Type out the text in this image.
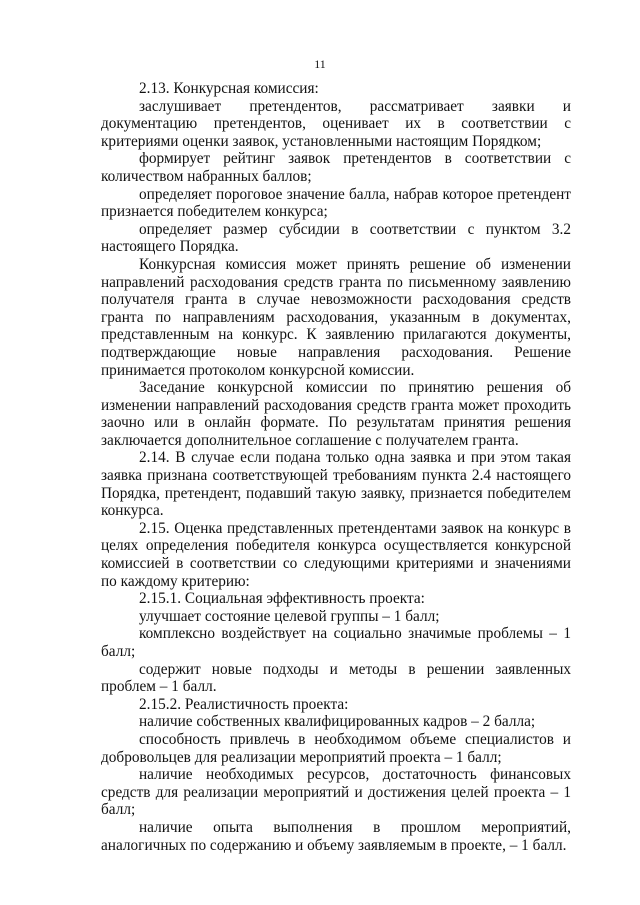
11

2.13. Конкурсная комиссия:

заслушивает претендентов, рассматривает заявки и документацию претендентов, оценивает их в соответствии с критериями оценки заявок, установленными настоящим Порядком;

формирует рейтинг заявок претендентов в соответствии с количеством набранных баллов;

определяет пороговое значение балла, набрав которое претендент признается победителем конкурса;

определяет размер субсидии в соответствии с пунктом 3.2 настоящего Порядка.

Конкурсная комиссия может принять решение об изменении направлений расходования средств гранта по письменному заявлению получателя гранта в случае невозможности расходования средств гранта по направлениям расходования, указанным в документах, представленным на конкурс. К заявлению прилагаются документы, подтверждающие новые направления расходования. Решение принимается протоколом конкурсной комиссии.

Заседание конкурсной комиссии по принятию решения об изменении направлений расходования средств гранта может проходить заочно или в онлайн формате. По результатам принятия решения заключается дополнительное соглашение с получателем гранта.

2.14. В случае если подана только одна заявка и при этом такая заявка признана соответствующей требованиям пункта 2.4 настоящего Порядка, претендент, подавший такую заявку, признается победителем конкурса.

2.15. Оценка представленных претендентами заявок на конкурс в целях определения победителя конкурса осуществляется конкурсной комиссией в соответствии со следующими критериями и значениями по каждому критерию:

2.15.1. Социальная эффективность проекта:

улучшает состояние целевой группы – 1 балл;

комплексно воздействует на социально значимые проблемы – 1 балл;

содержит новые подходы и методы в решении заявленных проблем – 1 балл.

2.15.2. Реалистичность проекта:

наличие собственных квалифицированных кадров – 2 балла;

способность привлечь в необходимом объеме специалистов и добровольцев для реализации мероприятий проекта – 1 балл;

наличие необходимых ресурсов, достаточность финансовых средств для реализации мероприятий и достижения целей проекта – 1 балл;

наличие опыта выполнения в прошлом мероприятий, аналогичных по содержанию и объему заявляемым в проекте, – 1 балл.
